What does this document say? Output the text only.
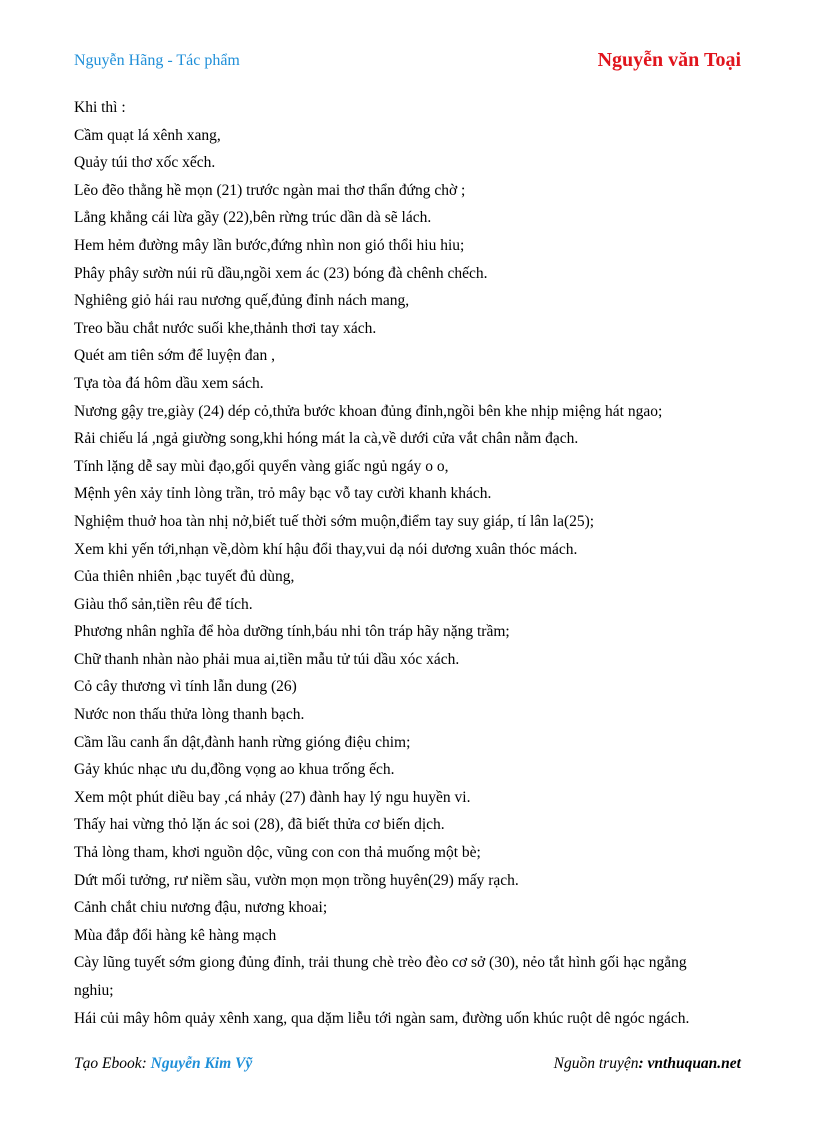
Nguyễn Hãng - Tác phẩm	Nguyễn văn Toại
Khi thì :
Cầm quạt lá xênh xang,
Quảy túi thơ xốc xếch.
Lẽo đẽo thằng hề mọn (21) trước ngàn mai thơ thẩn đứng chờ ;
Lẳng khẳng cái lừa gầy (22),bên rừng trúc dần dà sẽ lách.
Hem hẻm đường mây lần bước,đứng nhìn non gió thổi hiu hiu;
Phây phây sườn núi rũ dầu,ngồi xem ác (23) bóng đà chênh chếch.
Nghiêng giỏ hái rau nương quế,đủng đỉnh nách mang,
Treo bầu chắt nước suối khe,thảnh thơi tay xách.
Quét am tiên sớm để luyện đan ,
Tựa tòa đá hôm dầu xem sách.
Nương gậy tre,giày (24) dép cỏ,thửa bước khoan đủng đỉnh,ngồi bên khe nhịp miệng hát ngao;
Rải chiếu lá ,ngả giường song,khi hóng mát la cà,về dưới cửa vắt chân nằm đạch.
Tính lặng dễ say mùi đạo,gối quyển vàng giấc ngủ ngáy o o,
Mệnh yên xảy tỉnh lòng trần, trỏ mây bạc vỗ tay cười khanh khách.
Nghiệm thuở hoa tàn nhị nở,biết tuế thời sớm muộn,điểm tay suy giáp, tí lân la(25);
Xem khi yến tới,nhạn về,dòm khí hậu đổi thay,vui dạ nói dương xuân thóc mách.
Của thiên nhiên ,bạc tuyết đủ dùng,
Giàu thổ sản,tiền rêu để tích.
Phương nhân nghĩa để hòa dưỡng tính,báu nhi tôn tráp hãy nặng trầm;
Chữ thanh nhàn nào phải mua ai,tiền mẫu tử túi dầu xóc xách.
Cỏ cây thương vì tính lẫn dung (26)
Nước non thấu thửa lòng thanh bạch.
Cầm lầu canh ẩn dật,đành hanh rừng gióng điệu chim;
Gảy khúc nhạc ưu du,đồng vọng ao khua trống ếch.
Xem một phút diều bay ,cá nhảy (27) đành hay lý ngu huyền vi.
Thấy hai vừng thỏ lặn ác soi (28), đã biết thửa cơ biến dịch.
Thả lòng tham, khơi nguồn dộc, vũng con con thả muống một bè;
Dứt mối tưởng, rư niềm sầu, vườn mọn mọn trồng huyên(29) mấy rạch.
Cảnh chắt chiu nương đậu, nương khoai;
Mùa đắp đổi hàng kê hàng mạch
Cày lũng tuyết sớm giong đủng đỉnh, trải thung chè trèo đèo cơ sở (30), nẻo tắt hình gối hạc ngẳng
nghiu;
Hái củi mây hôm quảy xênh xang, qua dặm liễu tới ngàn sam, đường uốn khúc ruột dê ngóc ngách.
Tạo Ebook: Nguyễn Kim Vỹ	Nguồn truyện: vnthuquan.net
